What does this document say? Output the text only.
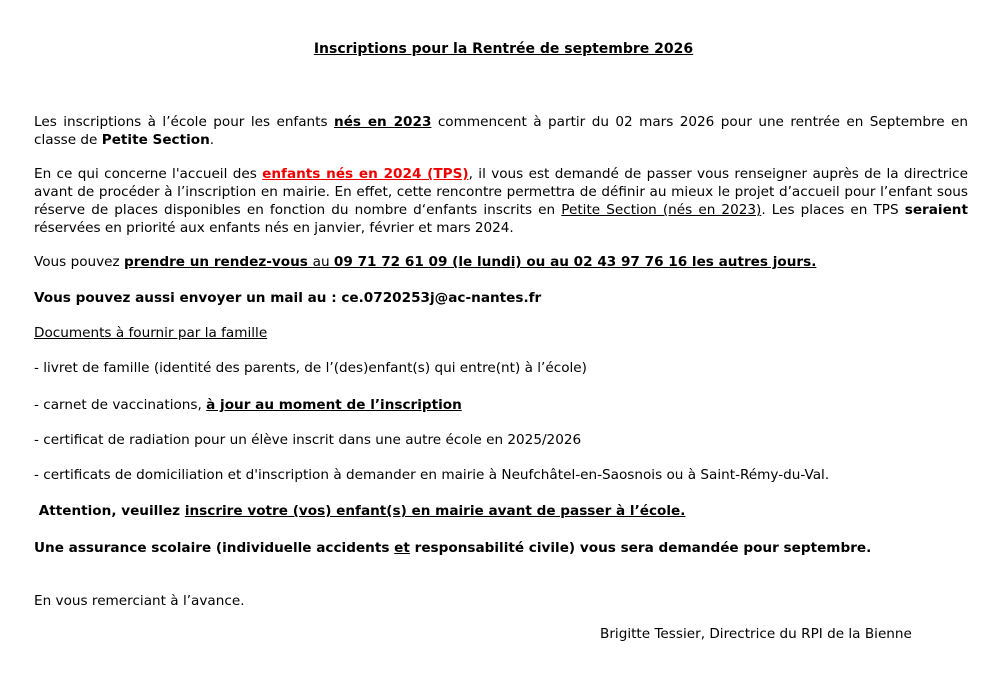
Inscriptions pour la Rentrée de septembre 2026
Les inscriptions à l’école pour les enfants nés en 2023 commencent à partir du 02 mars 2026 pour une rentrée en Septembre en classe de Petite Section.
En ce qui concerne l'accueil des enfants nés en 2024 (TPS), il vous est demandé de passer vous renseigner auprès de la directrice avant de procéder à l’inscription en mairie. En effet, cette rencontre permettra de définir au mieux le projet d’accueil pour l’enfant sous réserve de places disponibles en fonction du nombre d‘enfants inscrits en Petite Section (nés en 2023). Les places en TPS seraient réservées en priorité aux enfants nés en janvier, février et mars 2024.
Vous pouvez prendre un rendez-vous au 09 71 72 61 09 (le lundi) ou au 02 43 97 76 16 les autres jours.
Vous pouvez aussi envoyer un mail au : ce.0720253j@ac-nantes.fr
Documents à fournir par la famille
- livret de famille (identité des parents, de l’(des)enfant(s) qui entre(nt) à l’école)
- carnet de vaccinations, à jour au moment de l’inscription
- certificat de radiation pour un élève inscrit dans une autre école en 2025/2026
- certificats de domiciliation et d'inscription à demander en mairie à Neufchâtel-en-Saosnois ou à Saint-Rémy-du-Val.
Attention, veuillez inscrire votre (vos) enfant(s) en mairie avant de passer à l’école.
Une assurance scolaire (individuelle accidents et responsabilité civile) vous sera demandée pour septembre.
En vous remerciant à l’avance.
Brigitte Tessier, Directrice du RPI de la Bienne
